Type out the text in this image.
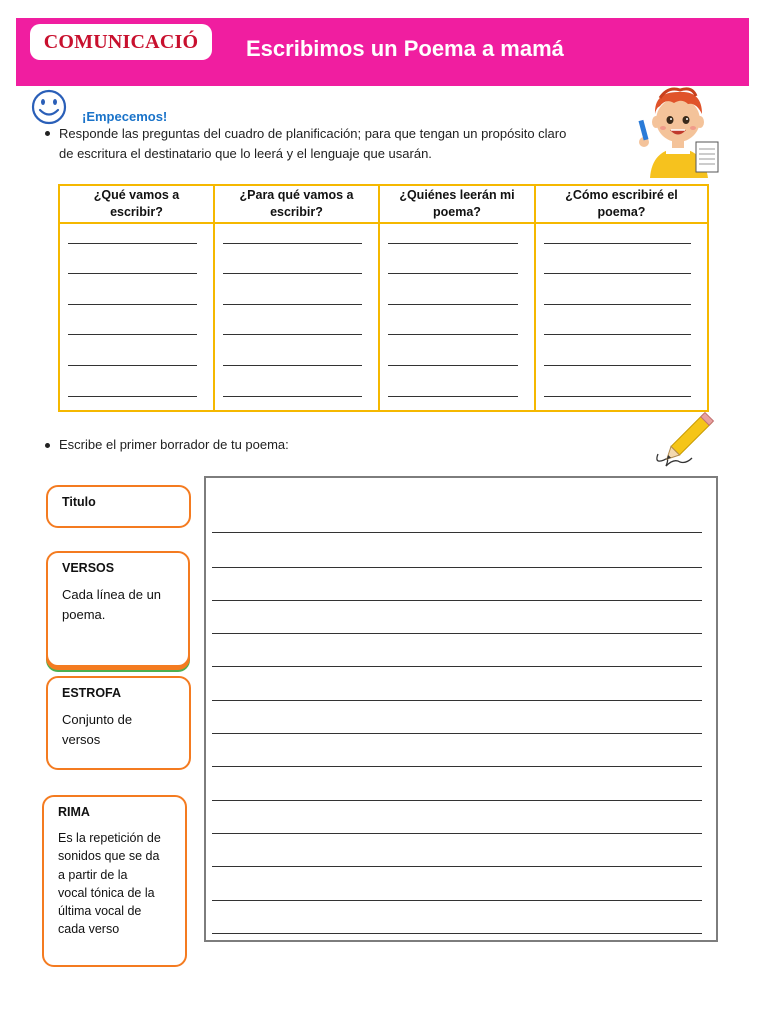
COMUNICACIÓ Escribimos un Poema a mamá
¡Empecemos!
Responde las preguntas del cuadro de planificación; para que tengan un propósito claro
de escritura el destinatario que lo leerá y el lenguaje que usarán.
¿Qué vamos a
escribir?
¿Para qué vamos a
escribir?
¿Quiénes leerán mi
poema?
¿Cómo escribiré el
poema?
Escribe el primer borrador de tu poema:
Titulo
VERSOS
Cada línea de un
poema.
ESTROFA
Conjunto de
versos
RIMA
Es la repetición de
sonidos que se da
a partir de la
vocal tónica de la
última vocal de
cada verso
